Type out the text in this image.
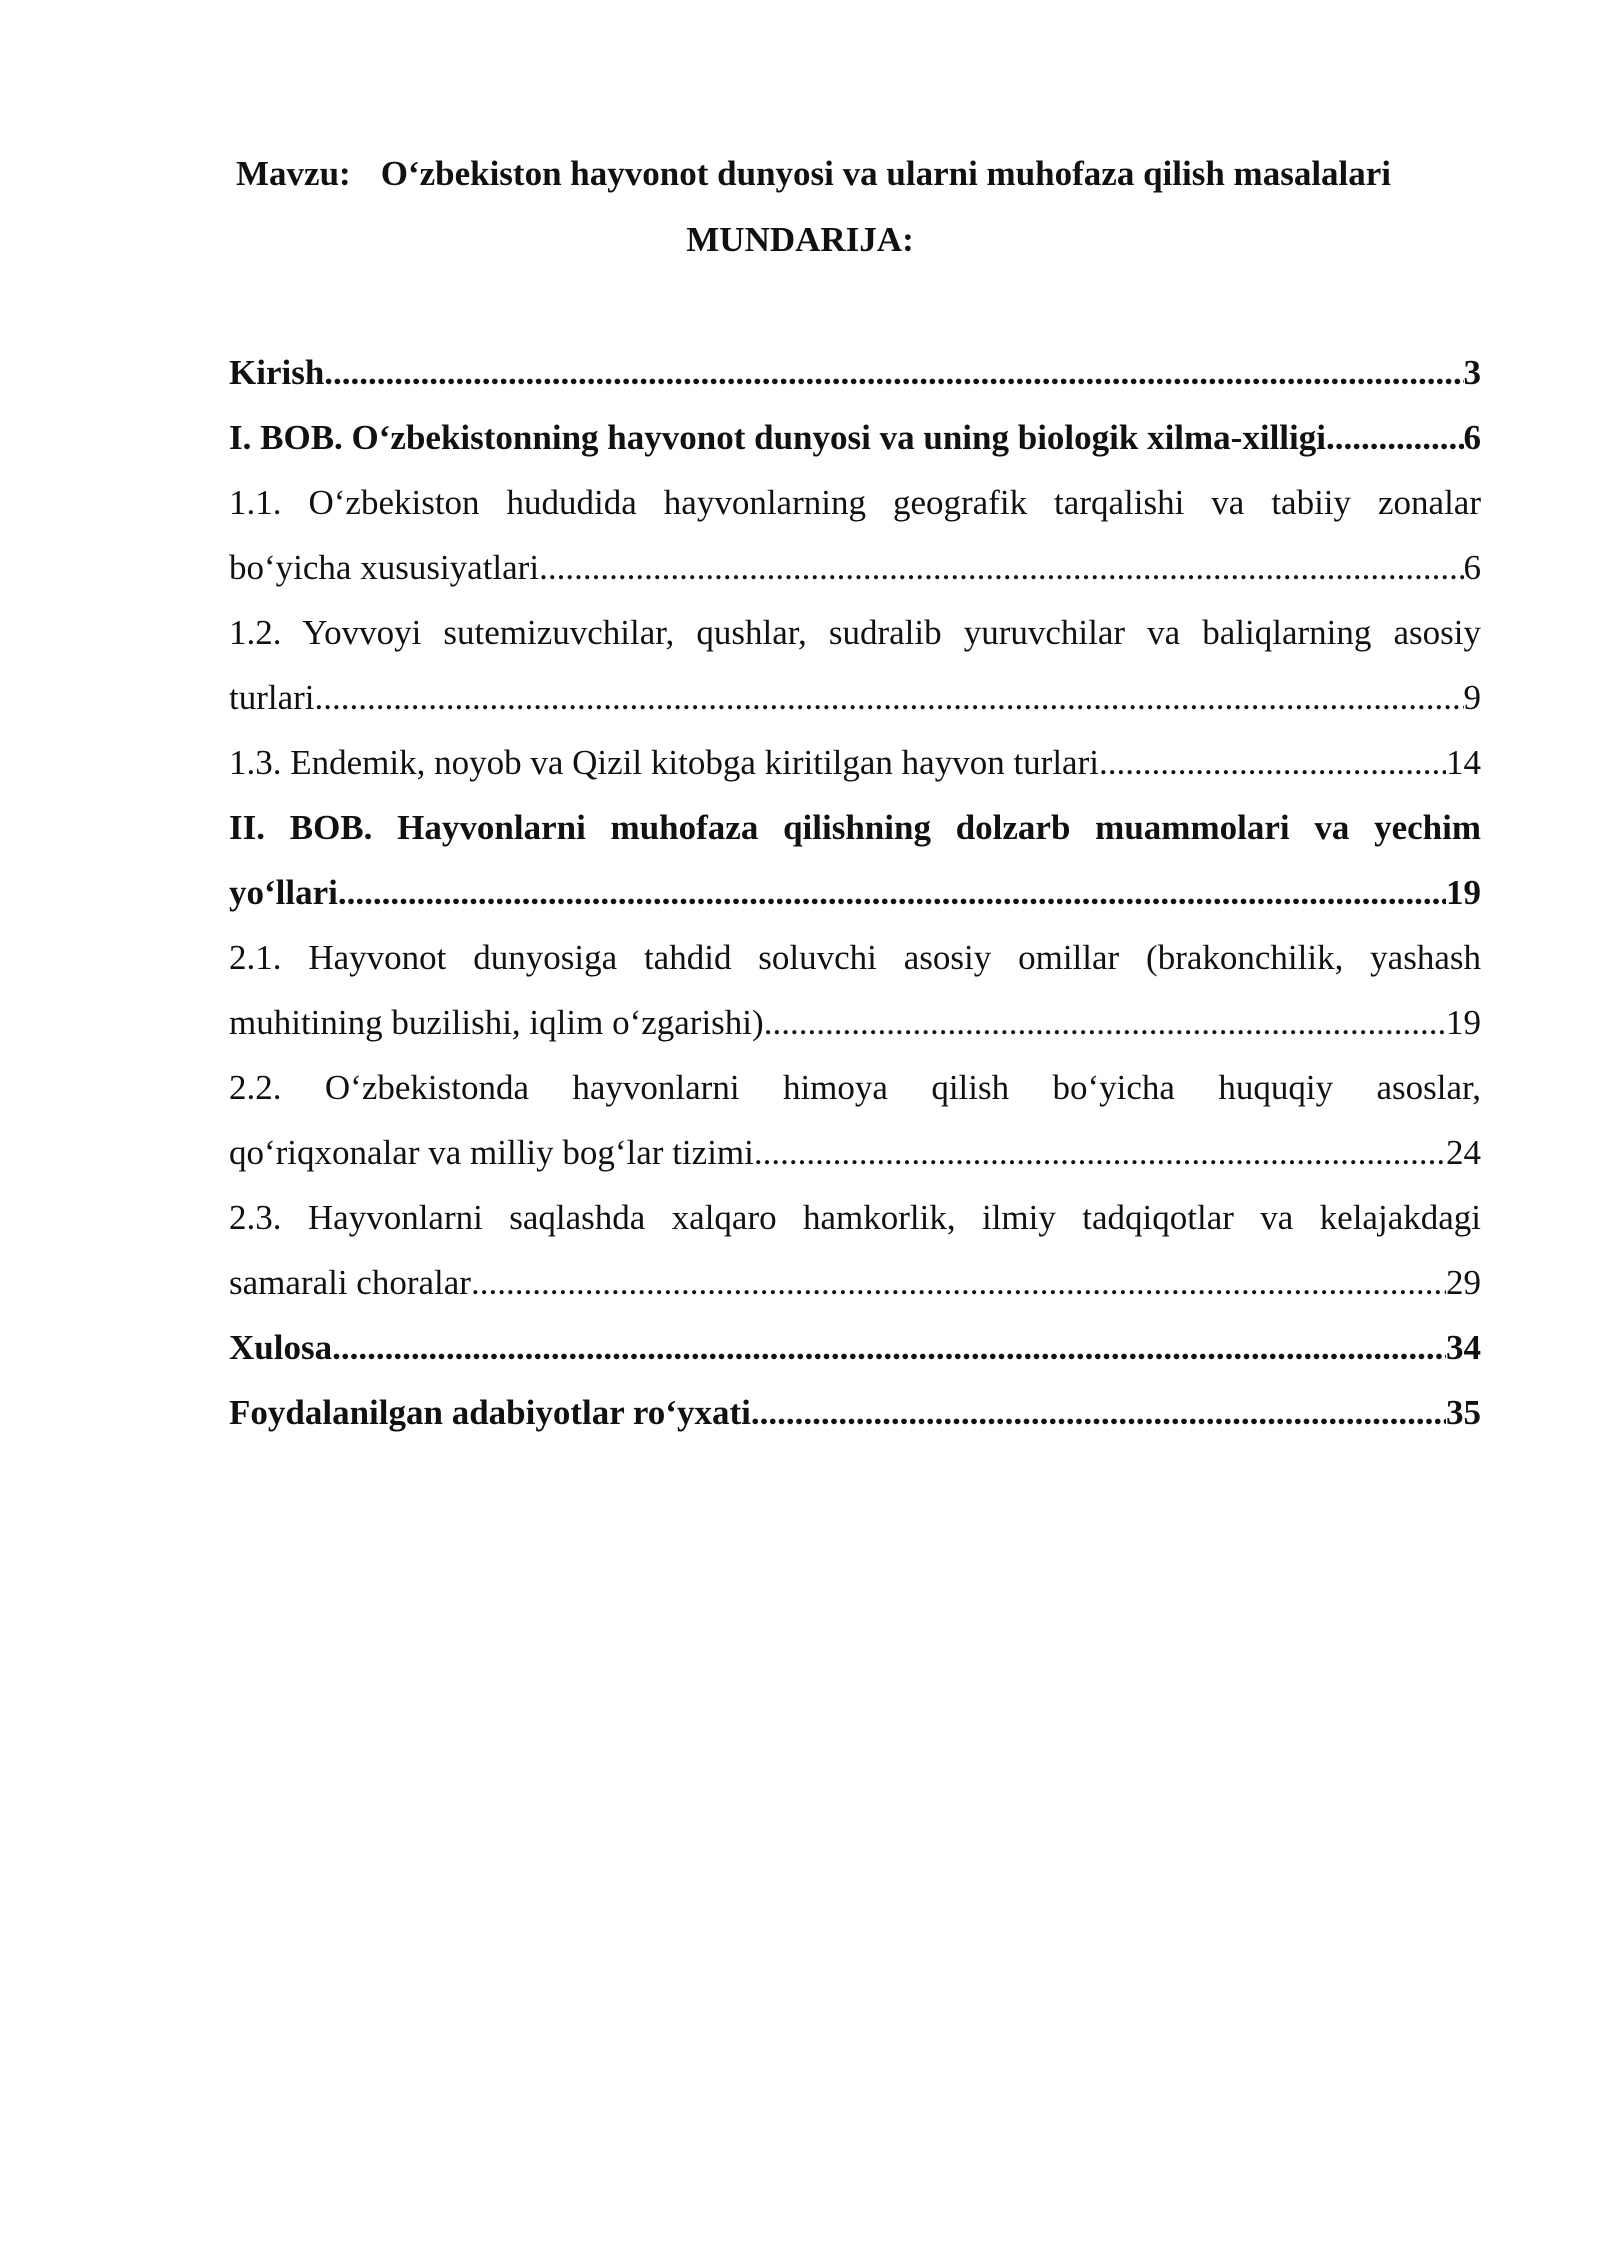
Mavzu: O‘zbekiston hayvonot dunyosi va ularni muhofaza qilish masalalari
MUNDARIJA:
Kirish .....	3
I. BOB. O‘zbekistonning hayvonot dunyosi va uning biologik xilma-xilligi .....	6
1.1. O‘zbekiston hududida hayvonlarning geografik tarqalishi va tabiiy zonalar
bo‘yicha xususiyatlari .....	6
1.2. Yovvoyi sutemizuvchilar, qushlar, sudralib yuruvchilar va baliqlarning asosiy
turlari .....	9
1.3. Endemik, noyob va Qizil kitobga kiritilgan hayvon turlari .....	14
II. BOB. Hayvonlarni muhofaza qilishning dolzarb muammolari va yechim
yo‘llari .....	19
2.1. Hayvonot dunyosiga tahdid soluvchi asosiy omillar (brakonchilik, yashash
muhitining buzilishi, iqlim o‘zgarishi) .....	19
2.2. O‘zbekistonda hayvonlarni himoya qilish bo‘yicha huquqiy asoslar,
qo‘riqxonalar va milliy bog‘lar tizimi .....	24
2.3. Hayvonlarni saqlashda xalqaro hamkorlik, ilmiy tadqiqotlar va kelajakdagi
samarali choralar .....	29
Xulosa .....	34
Foydalanilgan adabiyotlar ro‘yxati .....	35
